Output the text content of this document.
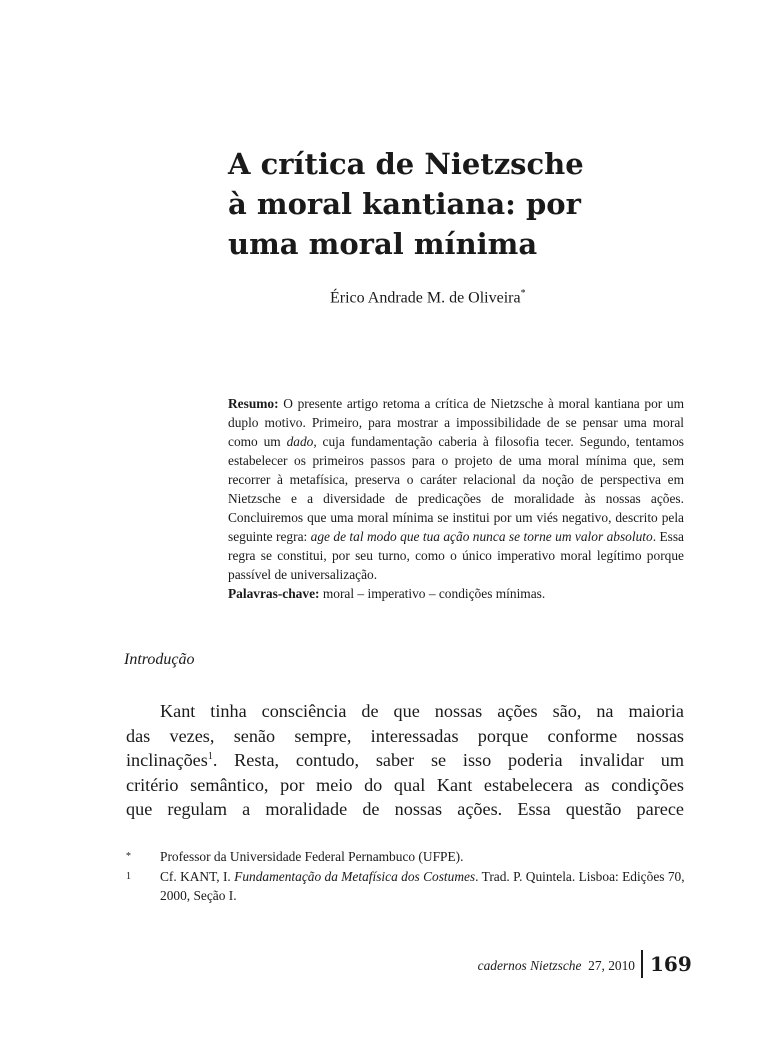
A crítica de Nietzsche
à moral kantiana: por
uma moral mínima
Érico Andrade M. de Oliveira*

Resumo: O presente artigo retoma a crítica de Nietzsche à moral kantiana por um duplo motivo. Primeiro, para mostrar a impossibilidade de se pensar uma moral como um dado, cuja fundamentação caberia à filosofia tecer. Segundo, tentamos estabelecer os primeiros passos para o projeto de uma moral mínima que, sem recorrer à metafísica, preserva o caráter relacional da noção de perspectiva em Nietzsche e a diversidade de predicações de moralidade às nossas ações. Concluiremos que uma moral mínima se institui por um viés negativo, descrito pela seguinte regra: age de tal modo que tua ação nunca se torne um valor absoluto. Essa regra se constitui, por seu turno, como o único imperativo moral legítimo porque passível de universalização.

Palavras-chave: moral – imperativo – condições mínimas.

Introdução
Kant tinha consciência de que nossas ações são, na maioria
das vezes, senão sempre, interessadas porque conforme nossas
inclinações$^1$. Resta, contudo, saber se isso poderia invalidar um
critério semântico, por meio do qual Kant estabelecera as condições
que regulam a moralidade de nossas ações. Essa questão parece
* Professor da Universidade Federal Pernambuco (UFPE).
1 Cf. KANT, I. Fundamentação da Metafísica dos Costumes. Trad. P. Quintela. Lisboa: Edições 70, 2000, Seção I.
cadernos Nietzsche 27, 2010 169
